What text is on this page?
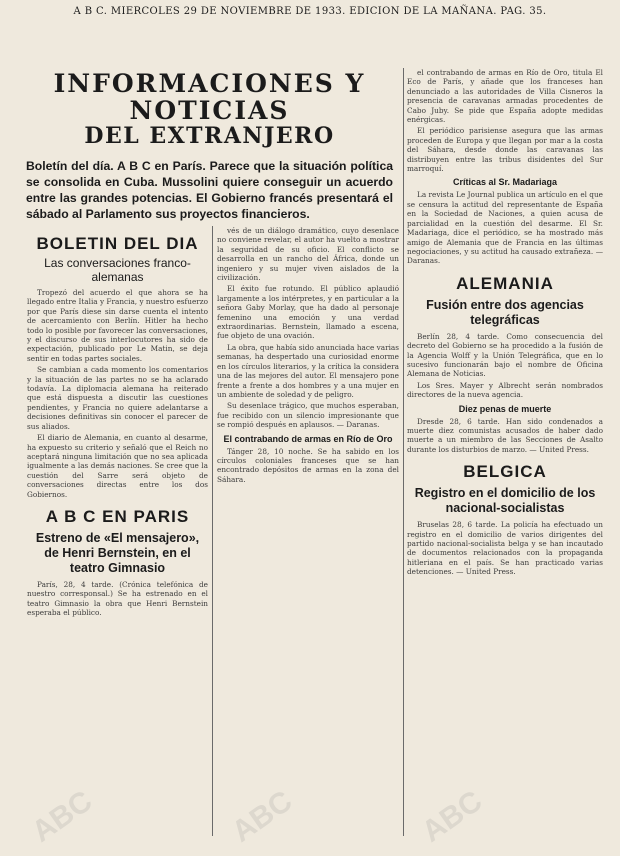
A B C. MIERCOLES 29 DE NOVIEMBRE DE 1933. EDICION DE LA MAÑANA. PAG. 35.
INFORMACIONES Y NOTICIAS
DEL EXTRANJERO
Boletín del día. A B C en París. Parece que la situación política se consolida en Cuba. Mussolini quiere conseguir un acuerdo entre las grandes potencias. El Gobierno francés presentará el sábado al Parlamento sus proyectos financieros.
BOLETIN DEL DIA
Las conversaciones franco-alemanas

Tropezó del acuerdo el que ahora se ha llegado entre Italia y Francia, y nuestro esfuerzo por que París diese sin darse cuenta el intento de acercamiento con Berlín. Hitler ha hecho todo lo posible por favorecer las conversaciones, y el discurso de sus interlocutores ha sido de expectación, publicado por Le Matin, se deja sentir en todas partes sociales.

Se cambian a cada momento los comentarios y la situación de las partes no se ha aclarado todavía. La diplomacia alemana ha reiterado que está dispuesta a discutir las cuestiones pendientes, y Francia no quiere adelantarse a decisiones definitivas sin conocer el parecer de sus aliados.

El diario de Alemania, en cuanto al desarme, ha expuesto su criterio y señaló que el Reich no aceptará ninguna limitación que no sea aplicada igualmente a las demás naciones. Se cree que la cuestión del Sarre será objeto de conversaciones directas entre los dos Gobiernos.

A B C EN PARIS
Estreno de «El mensajero», de Henri Bernstein, en el teatro Gimnasio

París, 28, 4 tarde. (Crónica telefónica de nuestro corresponsal.) Se ha estrenado en el teatro Gimnasio la obra que Henri Bernstein esperaba el público.

vés de un diálogo dramático, cuyo desenlace no conviene revelar, el autor ha vuelto a mostrar la seguridad de su oficio. El conflicto se desarrolla en un rancho del África, donde un ingeniero y su mujer viven aislados de la civilización.

El éxito fue rotundo. El público aplaudió largamente a los intérpretes, y en particular a la señora Gaby Morlay, que ha dado al personaje femenino una emoción y una verdad extraordinarias. Bernstein, llamado a escena, fue objeto de una ovación.

La obra, que había sido anunciada hace varias semanas, ha despertado una curiosidad enorme en los círculos literarios, y la crítica la considera una de las mejores del autor. El mensajero pone frente a frente a dos hombres y a una mujer en un ambiente de soledad y de peligro.

Su desenlace trágico, que muchos esperaban, fue recibido con un silencio impresionante que se rompió después en aplausos. — Daranas.

El contrabando de armas en Río de Oro

Tánger 28, 10 noche. Se ha sabido en los círculos coloniales franceses que se han encontrado depósitos de armas en la zona del Sáhara.

el contrabando de armas en Río de Oro, titula El Eco de París, y añade que los franceses han denunciado a las autoridades de Villa Cisneros la presencia de caravanas armadas procedentes de Cabo Juby. Se pide que España adopte medidas enérgicas.

El periódico parisiense asegura que las armas proceden de Europa y que llegan por mar a la costa del Sáhara, desde donde las caravanas las distribuyen entre las tribus disidentes del Sur marroquí.

Críticas al Sr. Madariaga

La revista Le Journal publica un artículo en el que se censura la actitud del representante de España en la Sociedad de Naciones, a quien acusa de parcialidad en la cuestión del desarme. El Sr. Madariaga, dice el periódico, se ha mostrado más amigo de Alemania que de Francia en las últimas negociaciones, y su actitud ha causado extrañeza. — Daranas.

ALEMANIA
Fusión entre dos agencias telegráficas

Berlín 28, 4 tarde. Como consecuencia del decreto del Gobierno se ha procedido a la fusión de la Agencia Wolff y la Unión Telegráfica, que en lo sucesivo funcionarán bajo el nombre de Oficina Alemana de Noticias.

Los Sres. Mayer y Albrecht serán nombrados directores de la nueva agencia.

Diez penas de muerte

Dresde 28, 6 tarde. Han sido condenados a muerte diez comunistas acusados de haber dado muerte a un miembro de las Secciones de Asalto durante los disturbios de marzo. — United Press.

BELGICA
Registro en el domicilio de los nacional-socialistas

Bruselas 28, 6 tarde. La policía ha efectuado un registro en el domicilio de varios dirigentes del partido nacional-socialista belga y se han incautado de documentos relacionados con la propaganda hitleriana en el país. Se han practicado varias detenciones. — United Press.

ABC	ABC	ABC
